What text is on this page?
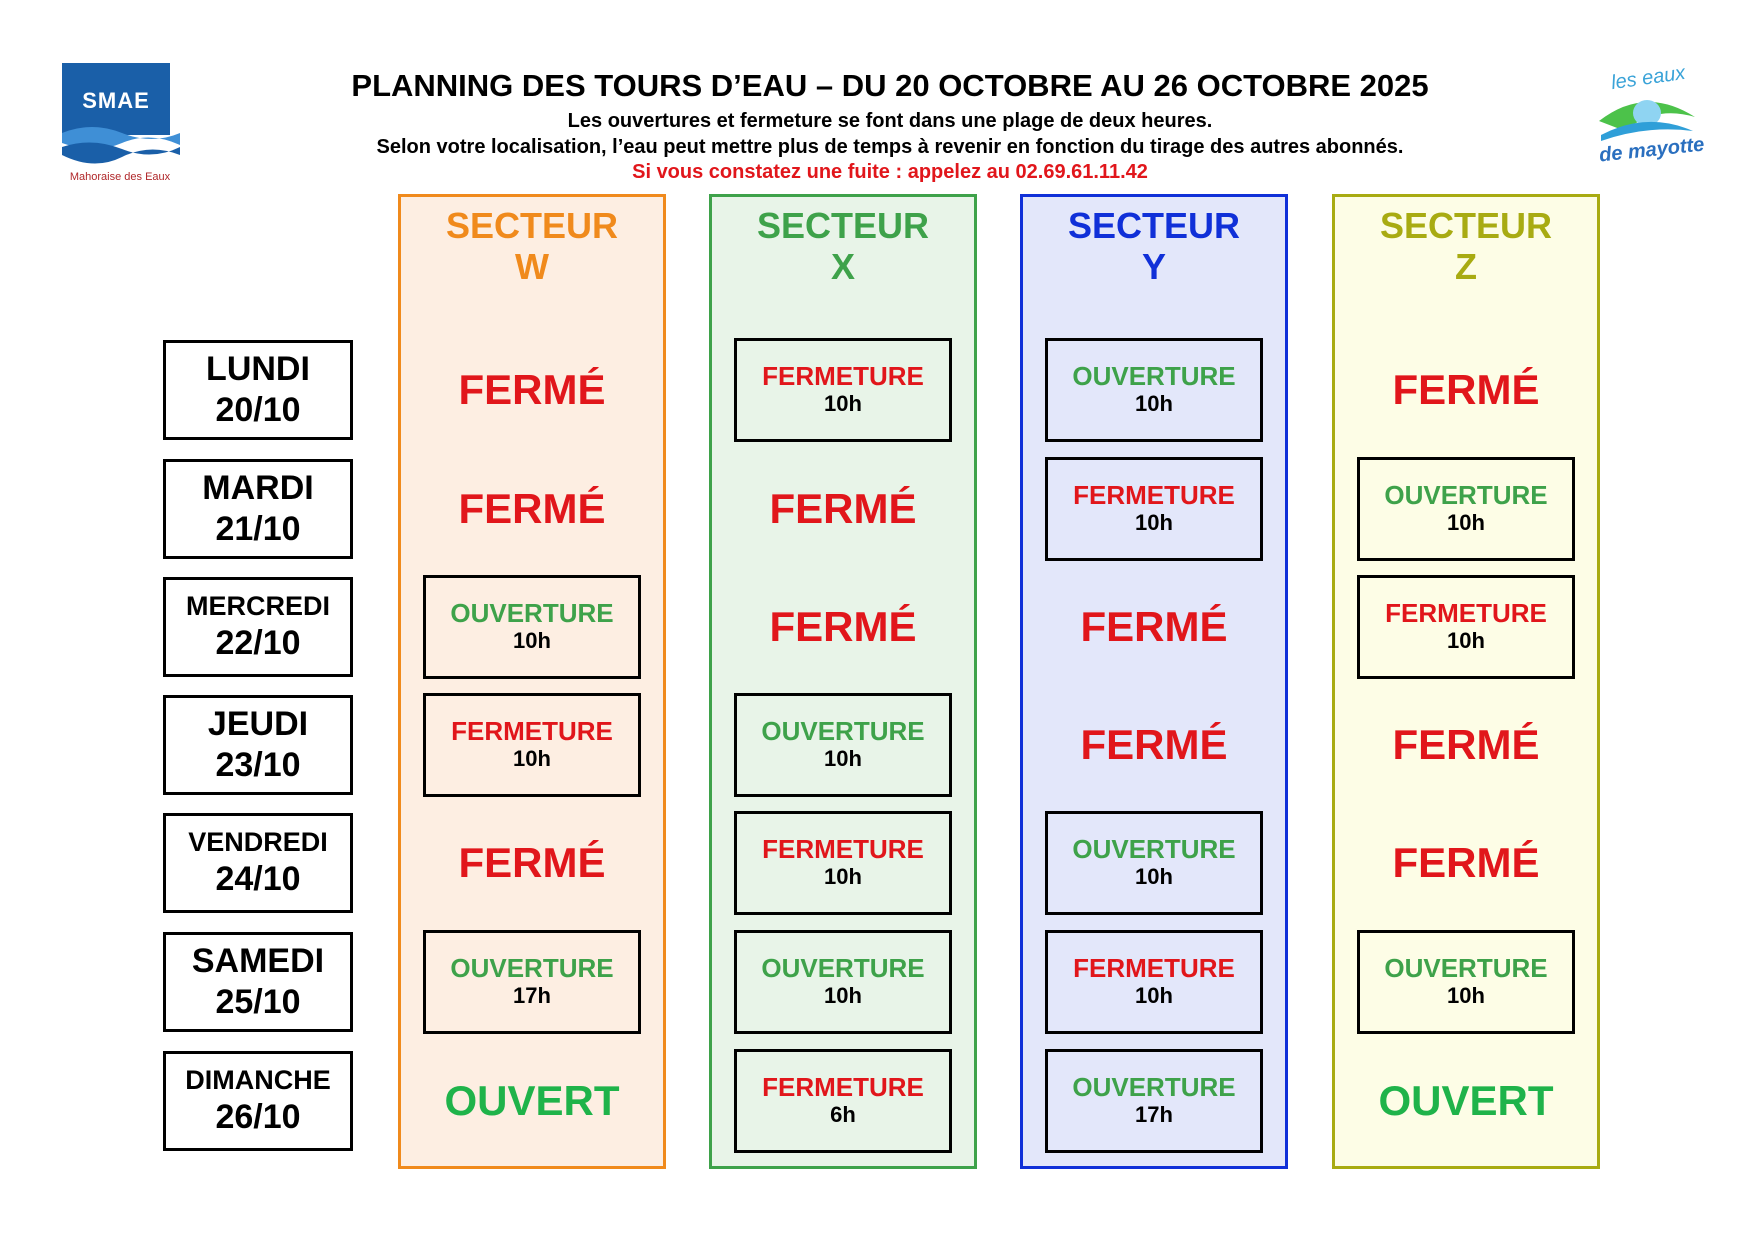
SMAE
Mahoraise des Eaux
les eaux
de mayotte
PLANNING DES TOURS D’EAU – DU 20 OCTOBRE AU 26 OCTOBRE 2025
Les ouvertures et fermeture se font dans une plage de deux heures.
Selon votre localisation, l’eau peut mettre plus de temps à revenir en fonction du tirage des autres abonnés.
Si vous constatez une fuite : appelez au 02.69.61.11.42
LUNDI
20/10
MARDI
21/10
MERCREDI
22/10
JEUDI
23/10
VENDREDI
24/10
SAMEDI
25/10
DIMANCHE
26/10
SECTEUR
W
FERMÉ
FERMÉ
OUVERTURE
10h
FERMETURE
10h
FERMÉ
OUVERTURE
17h
OUVERT
SECTEUR
X
FERMETURE
10h
FERMÉ
FERMÉ
OUVERTURE
10h
FERMETURE
10h
OUVERTURE
10h
FERMETURE
6h
SECTEUR
Y
OUVERTURE
10h
FERMETURE
10h
FERMÉ
FERMÉ
OUVERTURE
10h
FERMETURE
10h
OUVERTURE
17h
SECTEUR
Z
FERMÉ
OUVERTURE
10h
FERMETURE
10h
FERMÉ
FERMÉ
OUVERTURE
10h
OUVERT
